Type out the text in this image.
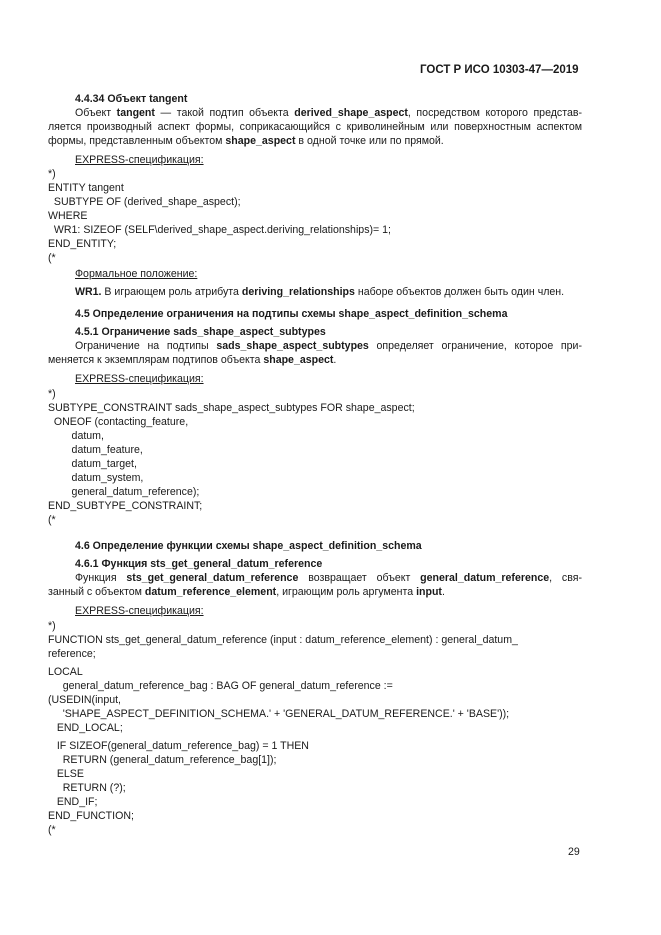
ГОСТ Р ИСО 10303-47—2019
4.4.34 Объект tangent
Объект tangent — такой подтип объекта derived_shape_aspect, посредством которого представ-
ляется производный аспект формы, соприкасающийся с криволинейным или поверхностным аспектом
формы, представленным объектом shape_aspect в одной точке или по прямой.
EXPRESS-спецификация:
*)
ENTITY tangent
SUBTYPE OF (derived_shape_aspect);
WHERE
WR1: SIZEOF (SELF\derived_shape_aspect.deriving_relationships)= 1;
END_ENTITY;
(*
Формальное положение:
WR1. В играющем роль атрибута deriving_relationships наборе объектов должен быть один член.
4.5 Определение ограничения на подтипы схемы shape_aspect_definition_schema
4.5.1 Ограничение sads_shape_aspect_subtypes
Ограничение на подтипы sads_shape_aspect_subtypes определяет ограничение, которое при-
меняется к экземплярам подтипов объекта shape_aspect.
EXPRESS-спецификация:
*)
SUBTYPE_CONSTRAINT sads_shape_aspect_subtypes FOR shape_aspect;
ONEOF (contacting_feature,
datum,
datum_feature,
datum_target,
datum_system,
general_datum_reference);
END_SUBTYPE_CONSTRAINT;
(*
4.6 Определение функции схемы shape_aspect_definition_schema
4.6.1 Функция sts_get_general_datum_reference
Функция sts_get_general_datum_reference возвращает объект general_datum_reference, свя-
занный с объектом datum_reference_element, играющим роль аргумента input.
EXPRESS-спецификация:
*)
FUNCTION sts_get_general_datum_reference (input : datum_reference_element) : general_datum_
reference;
LOCAL
general_datum_reference_bag : BAG OF general_datum_reference :=
(USEDIN(input,
'SHAPE_ASPECT_DEFINITION_SCHEMA.' + 'GENERAL_DATUM_REFERENCE.' + 'BASE'));
END_LOCAL;
IF SIZEOF(general_datum_reference_bag) = 1 THEN
RETURN (general_datum_reference_bag[1]);
ELSE
RETURN (?);
END_IF;
END_FUNCTION;
(*
29
